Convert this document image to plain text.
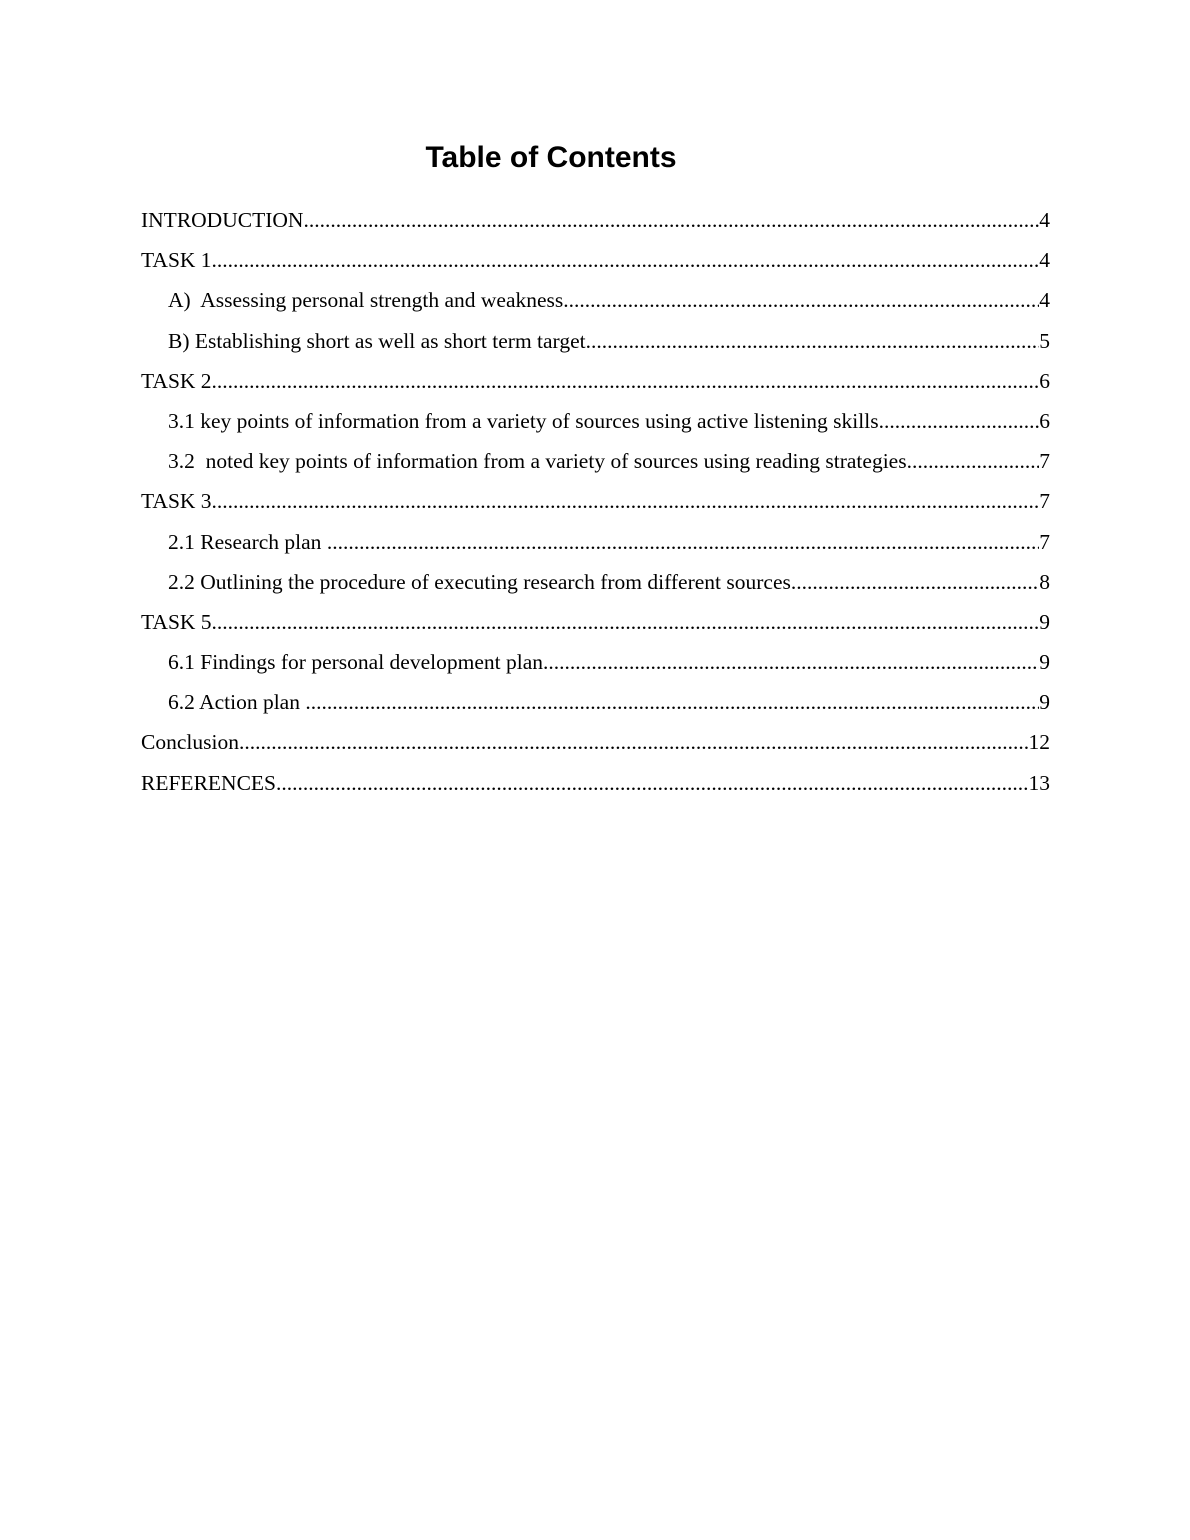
Table of Contents
INTRODUCTION .....	4
TASK 1 .....	4
A)  Assessing personal strength and weakness .....	4
B) Establishing short as well as short term target .....	5
TASK 2 .....	6
3.1 key points of information from a variety of sources using active listening skills .....	6
3.2  noted key points of information from a variety of sources using reading strategies .....	7
TASK 3 .....	7
2.1 Research plan .....	7
2.2 Outlining the procedure of executing research from different sources .....	8
TASK 5 .....	9
6.1 Findings for personal development plan .....	9
6.2 Action plan .....	9
Conclusion .....	12
REFERENCES .....	13
